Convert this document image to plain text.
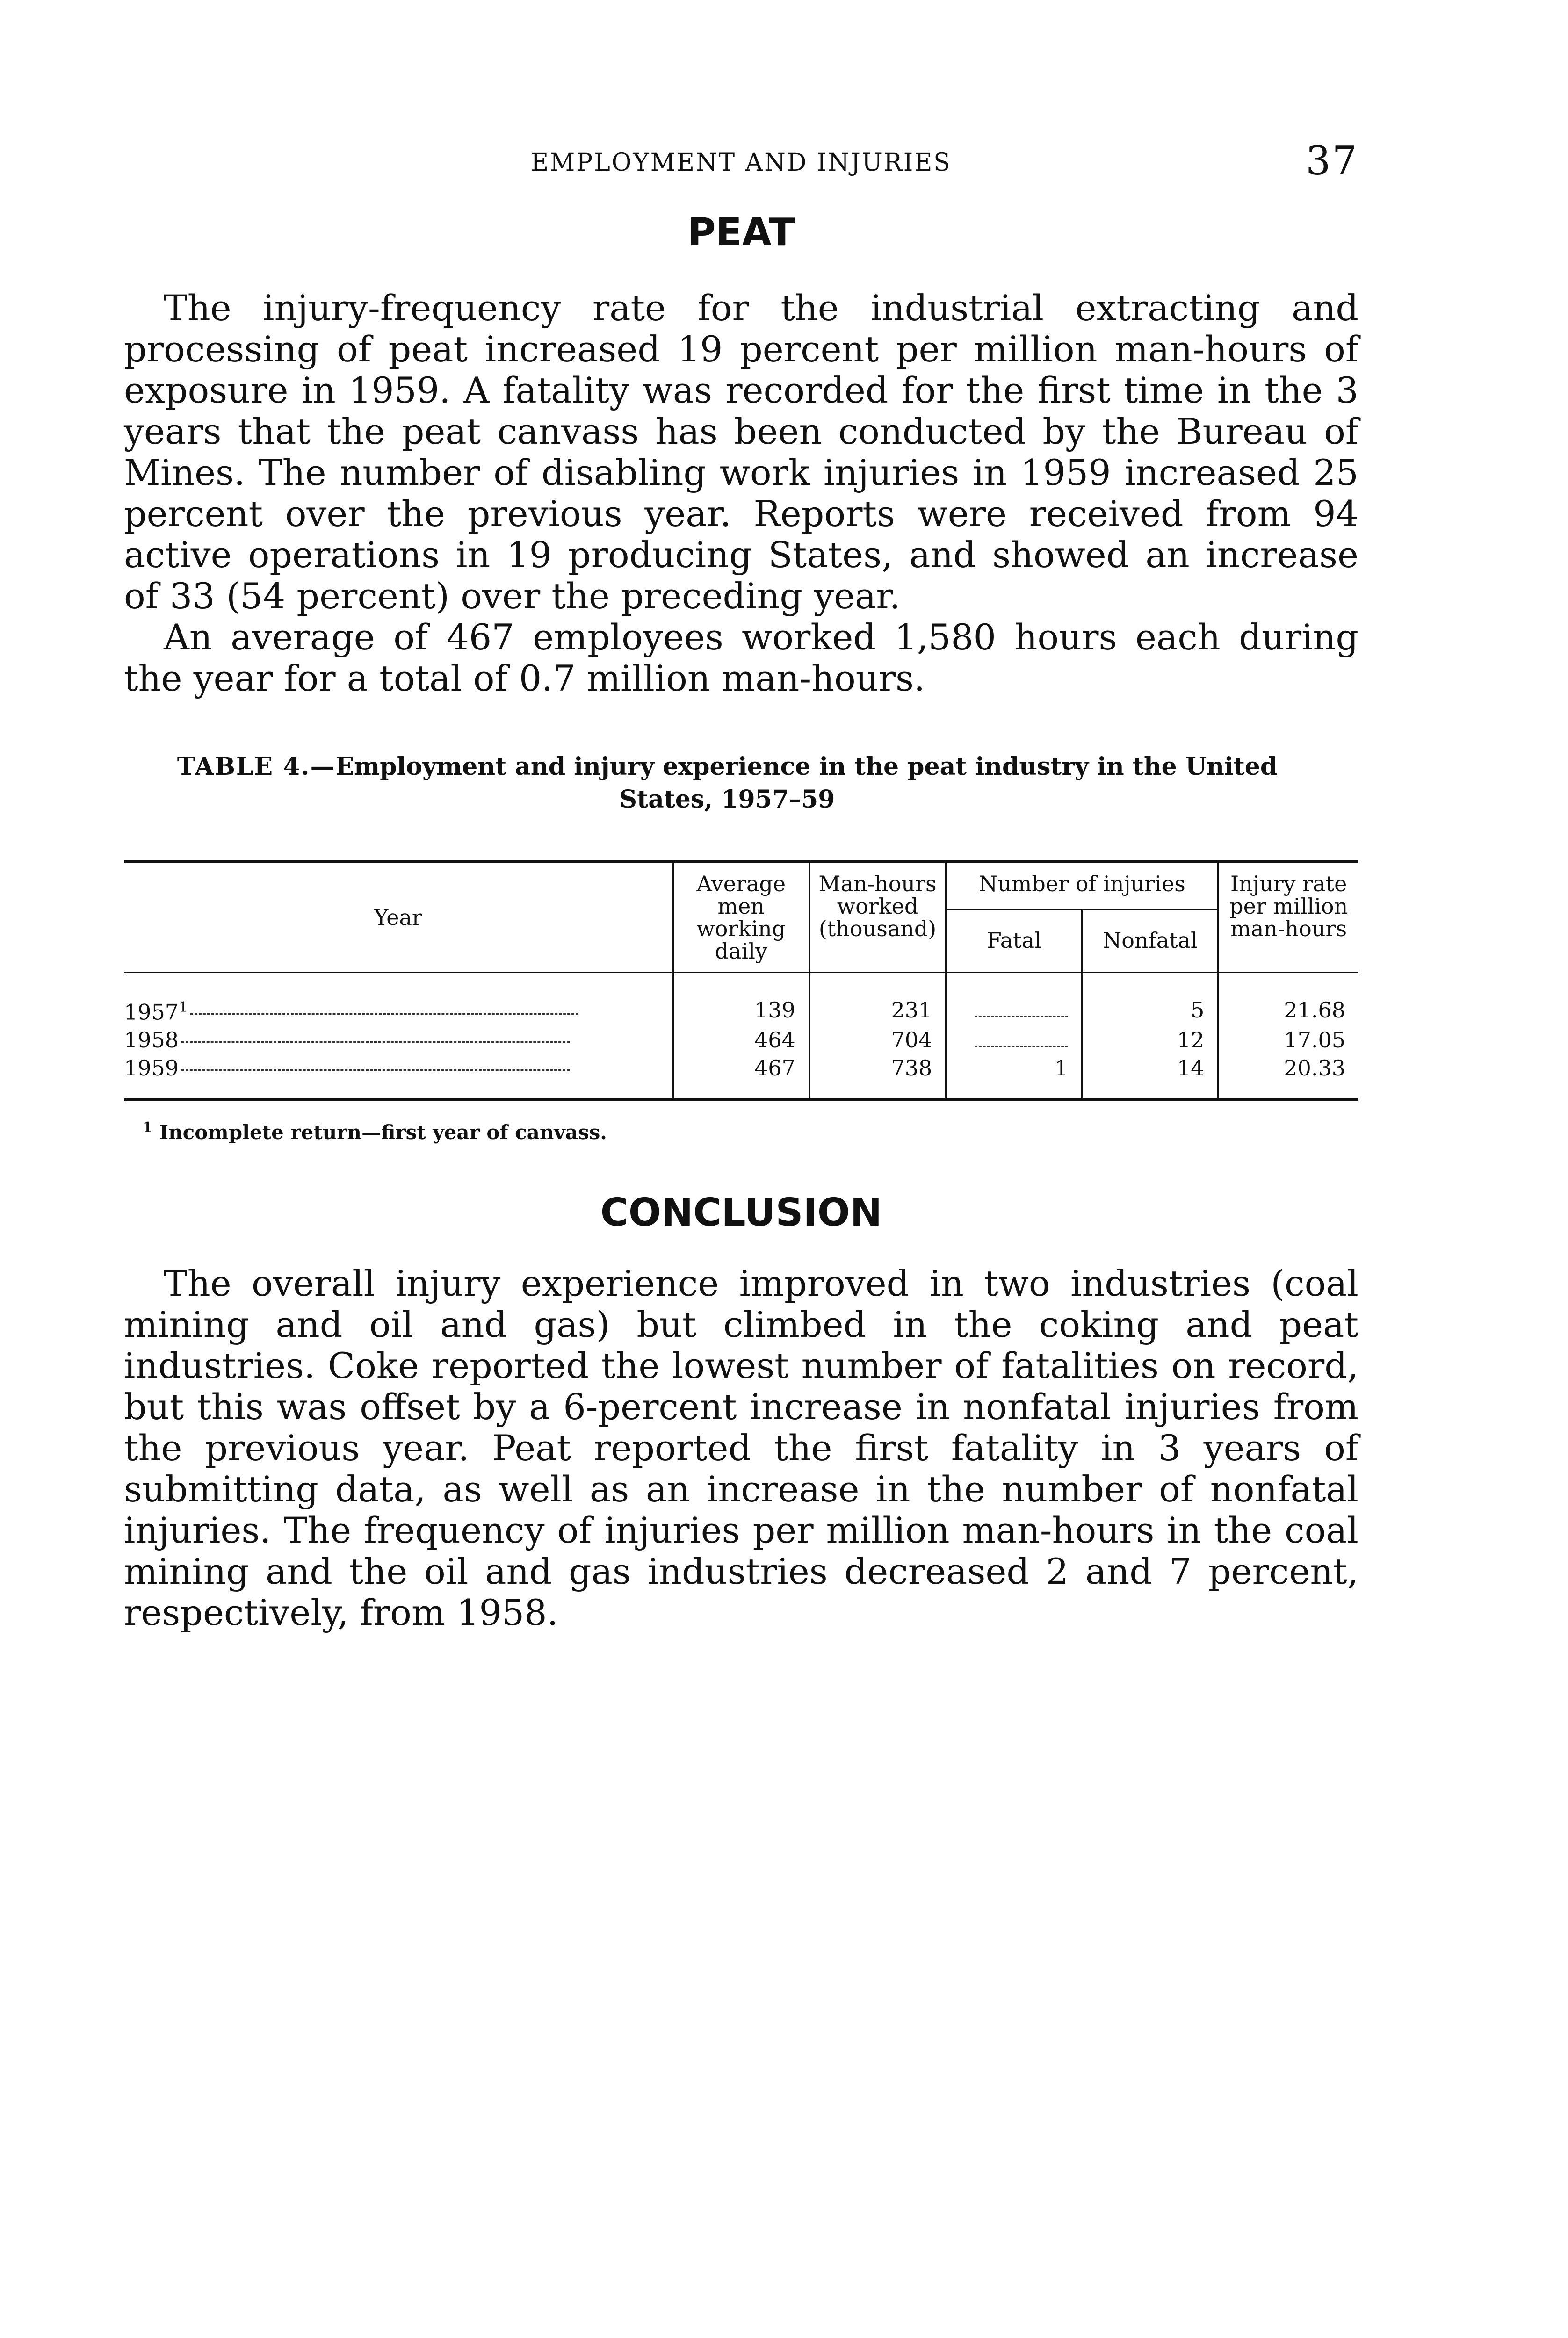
EMPLOYMENT AND INJURIES	37
PEAT

The injury-frequency rate for the industrial extracting and processing of peat increased 19 percent per million man-hours of exposure in 1959. A fatality was recorded for the first time in the 3 years that the peat canvass has been conducted by the Bureau of Mines. The number of disabling work injuries in 1959 increased 25 percent over the previous year. Reports were received from 94 active operations in 19 producing States, and showed an increase of 33 (54 percent) over the preceding year.

An average of 467 employees worked 1,580 hours each during the year for a total of 0.7 million man-hours.

TABLE 4.—Employment and injury experience in the peat industry in the United States, 1957–59
Year	Average men working daily	Man-hours worked (thousand)	Number of injuries		Injury rate per million man-hours
			Fatal	Nonfatal	
1957$^1$	139	231		5	21.68
1958	464	704		12	17.05
1959	467	738	1	14	20.33
$^1$ Incomplete return—first year of canvass.
CONCLUSION

The overall injury experience improved in two industries (coal mining and oil and gas) but climbed in the coking and peat industries. Coke reported the lowest number of fatalities on record, but this was offset by a 6-percent increase in nonfatal injuries from the previous year. Peat reported the first fatality in 3 years of submitting data, as well as an increase in the number of nonfatal injuries. The frequency of injuries per million man-hours in the coal mining and the oil and gas industries decreased 2 and 7 percent, respectively, from 1958.
